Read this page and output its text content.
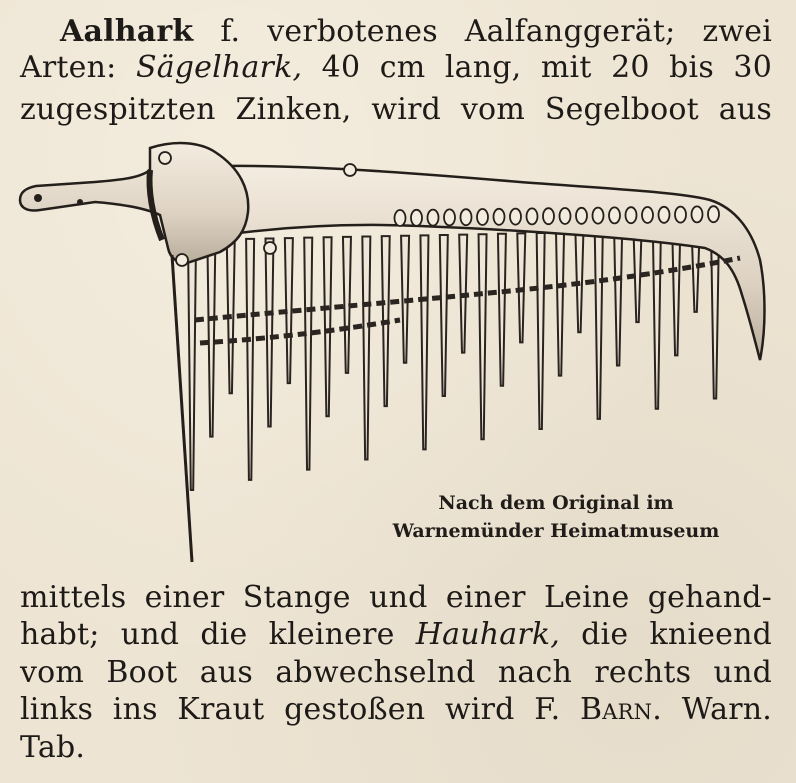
Aalhark f. verbotenes Aalfanggerät; zwei
Arten: Sägelhark, 40 cm lang, mit 20 bis 30
zugespitzten Zinken, wird vom Segelboot aus
Nach dem Original im
Warnemünder Heimatmuseum
mittels einer Stange und einer Leine gehand-
habt; und die kleinere Hauhark, die knieend
vom Boot aus abwechselnd nach rechts und
links ins Kraut gestoßen wird F. Barn. Warn.
Tab.
